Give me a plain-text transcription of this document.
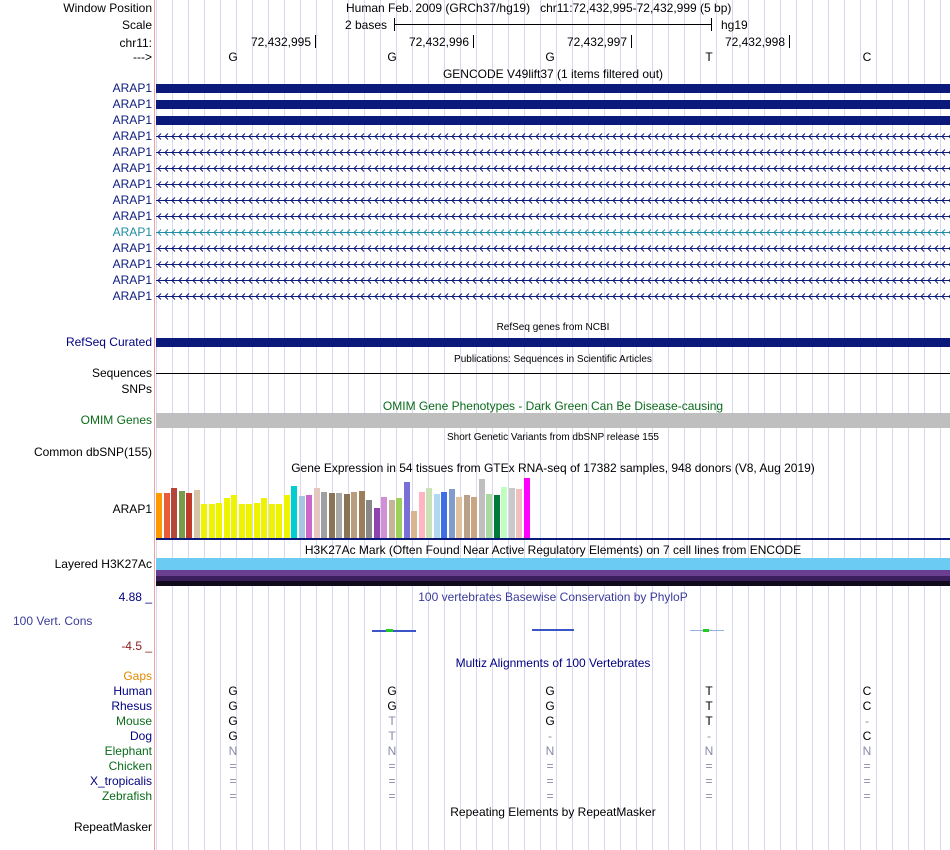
Window Position	Human Feb. 2009 (GRCh37/hg19)   chr11:72,432,995-72,432,999 (5 bp)
Scale	2 bases	hg19
chr11:	72,432,995	72,432,996	72,432,997	72,432,998
--->	G	G	G	T	C
GENCODE V49lift37 (1 items filtered out)
ARAP1
ARAP1
ARAP1
ARAP1
ARAP1
ARAP1
ARAP1
ARAP1
ARAP1
ARAP1
ARAP1
ARAP1
ARAP1
ARAP1
RefSeq genes from NCBI
RefSeq Curated
Publications: Sequences in Scientific Articles
Sequences
SNPs
OMIM Gene Phenotypes - Dark Green Can Be Disease-causing
OMIM Genes
Short Genetic Variants from dbSNP release 155
Common dbSNP(155)
Gene Expression in 54 tissues from GTEx RNA-seq of 17382 samples, 948 donors (V8, Aug 2019)
ARAP1
H3K27Ac Mark (Often Found Near Active Regulatory Elements) on 7 cell lines from ENCODE
Layered H3K27Ac
4.88 _	100 vertebrates Basewise Conservation by PhyloP
100 Vert. Cons
-4.5 _
Multiz Alignments of 100 Vertebrates
Gaps
Human	G	G	G	T	C
Rhesus	G	G	G	T	C
Mouse	G	T	G	T	-
Dog	G	T	-	-	C
Elephant	N	N	N	N	N
Chicken	=	=	=	=	=
X_tropicalis	=	=	=	=	=
Zebrafish	=	=	=	=	=
Repeating Elements by RepeatMasker
RepeatMasker
